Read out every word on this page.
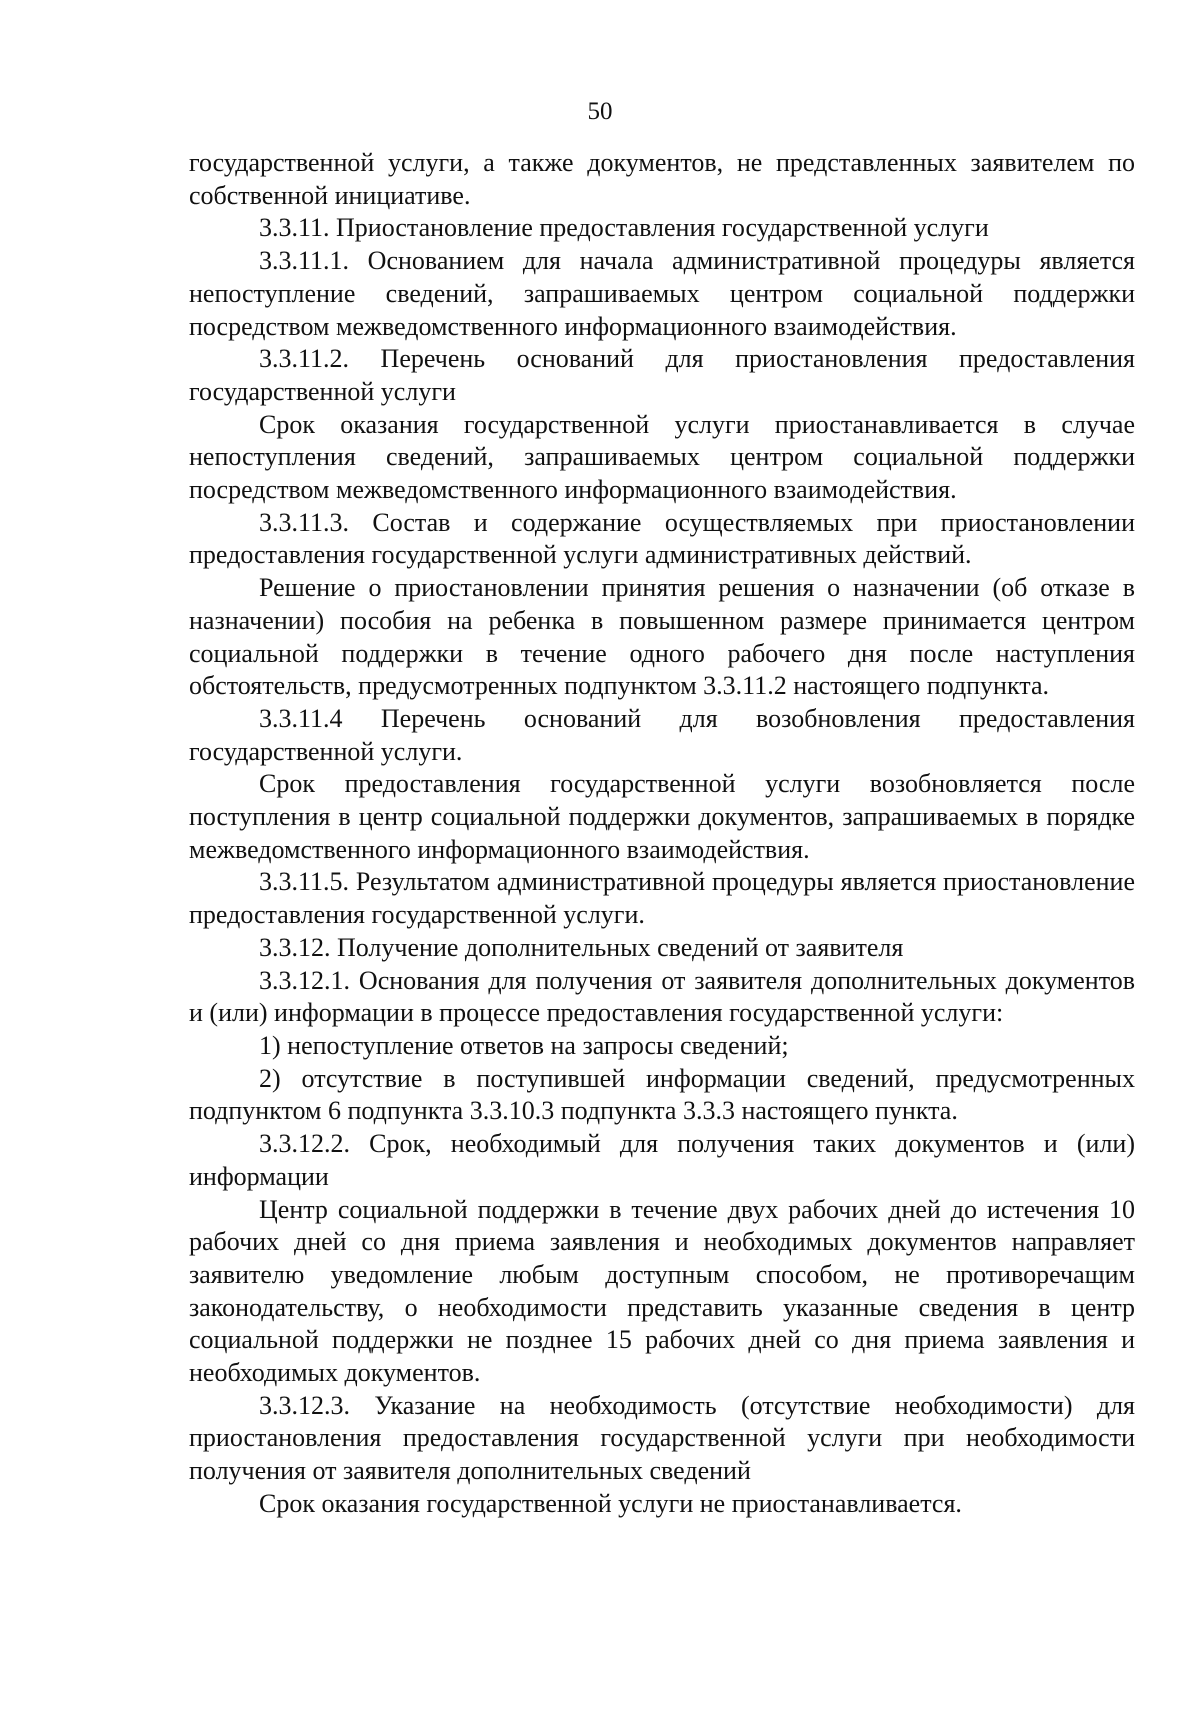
50

государственной услуги, а также документов, не представленных заявителем по собственной инициативе.

3.3.11. Приостановление предоставления государственной услуги

3.3.11.1. Основанием для начала административной процедуры является непоступление сведений, запрашиваемых центром социальной поддержки посредством межведомственного информационного взаимодействия.

3.3.11.2. Перечень оснований для приостановления предоставления государственной услуги

Срок оказания государственной услуги приостанавливается в случае непоступления сведений, запрашиваемых центром социальной поддержки посредством межведомственного информационного взаимодействия.

3.3.11.3. Состав и содержание осуществляемых при приостановлении предоставления государственной услуги административных действий.

Решение о приостановлении принятия решения о назначении (об отказе в назначении) пособия на ребенка в повышенном размере принимается центром социальной поддержки в течение одного рабочего дня после наступления обстоятельств, предусмотренных подпунктом 3.3.11.2 настоящего подпункта.

3.3.11.4 Перечень оснований для возобновления предоставления государственной услуги.

Срок предоставления государственной услуги возобновляется после поступления в центр социальной поддержки документов, запрашиваемых в порядке межведомственного информационного взаимодействия.

3.3.11.5. Результатом административной процедуры является приостановление предоставления государственной услуги.

3.3.12. Получение дополнительных сведений от заявителя

3.3.12.1. Основания для получения от заявителя дополнительных документов и (или) информации в процессе предоставления государственной услуги:

1) непоступление ответов на запросы сведений;

2) отсутствие в поступившей информации сведений, предусмотренных подпунктом 6 подпункта 3.3.10.3 подпункта 3.3.3 настоящего пункта.

3.3.12.2. Срок, необходимый для получения таких документов и (или) информации

Центр социальной поддержки в течение двух рабочих дней до истечения 10 рабочих дней со дня приема заявления и необходимых документов направляет заявителю уведомление любым доступным способом, не противоречащим законодательству, о необходимости представить указанные сведения в центр социальной поддержки не позднее 15 рабочих дней со дня приема заявления и необходимых документов.

3.3.12.3. Указание на необходимость (отсутствие необходимости) для приостановления предоставления государственной услуги при необходимости получения от заявителя дополнительных сведений

Срок оказания государственной услуги не приостанавливается.
